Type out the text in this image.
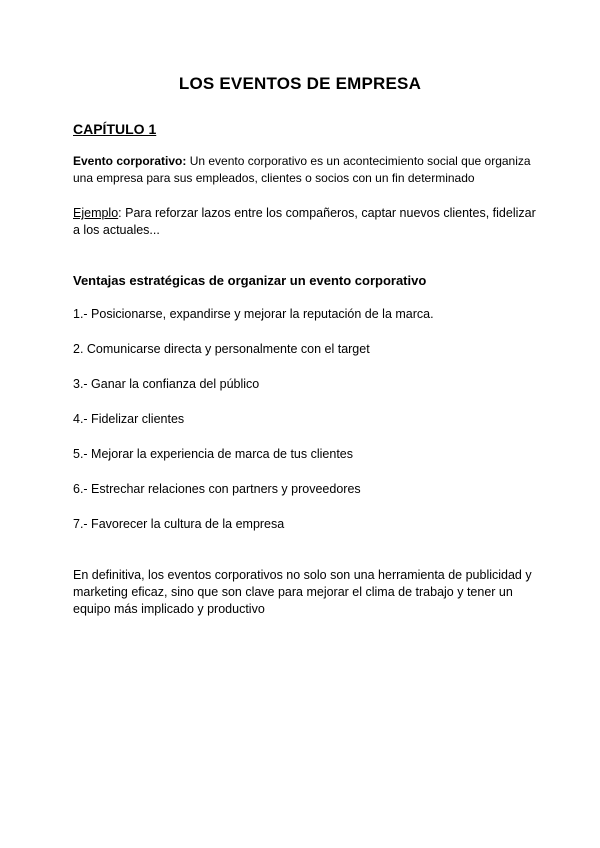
LOS EVENTOS DE EMPRESA
CAPÍTULO 1

Evento corporativo: Un evento corporativo es un acontecimiento social que organiza una empresa para sus empleados, clientes o socios con un fin determinado

Ejemplo: Para reforzar lazos entre los compañeros, captar nuevos clientes, fidelizar a los actuales...

Ventajas estratégicas de organizar un evento corporativo
1.- Posicionarse, expandirse y mejorar la reputación de la marca.
2. Comunicarse directa y personalmente con el target
3.- Ganar la confianza del público
4.- Fidelizar clientes
5.- Mejorar la experiencia de marca de tus clientes
6.- Estrechar relaciones con partners y proveedores
7.- Favorecer la cultura de la empresa

En definitiva, los eventos corporativos no solo son una herramienta de publicidad y marketing eficaz, sino que son clave para mejorar el clima de trabajo y tener un equipo más implicado y productivo
